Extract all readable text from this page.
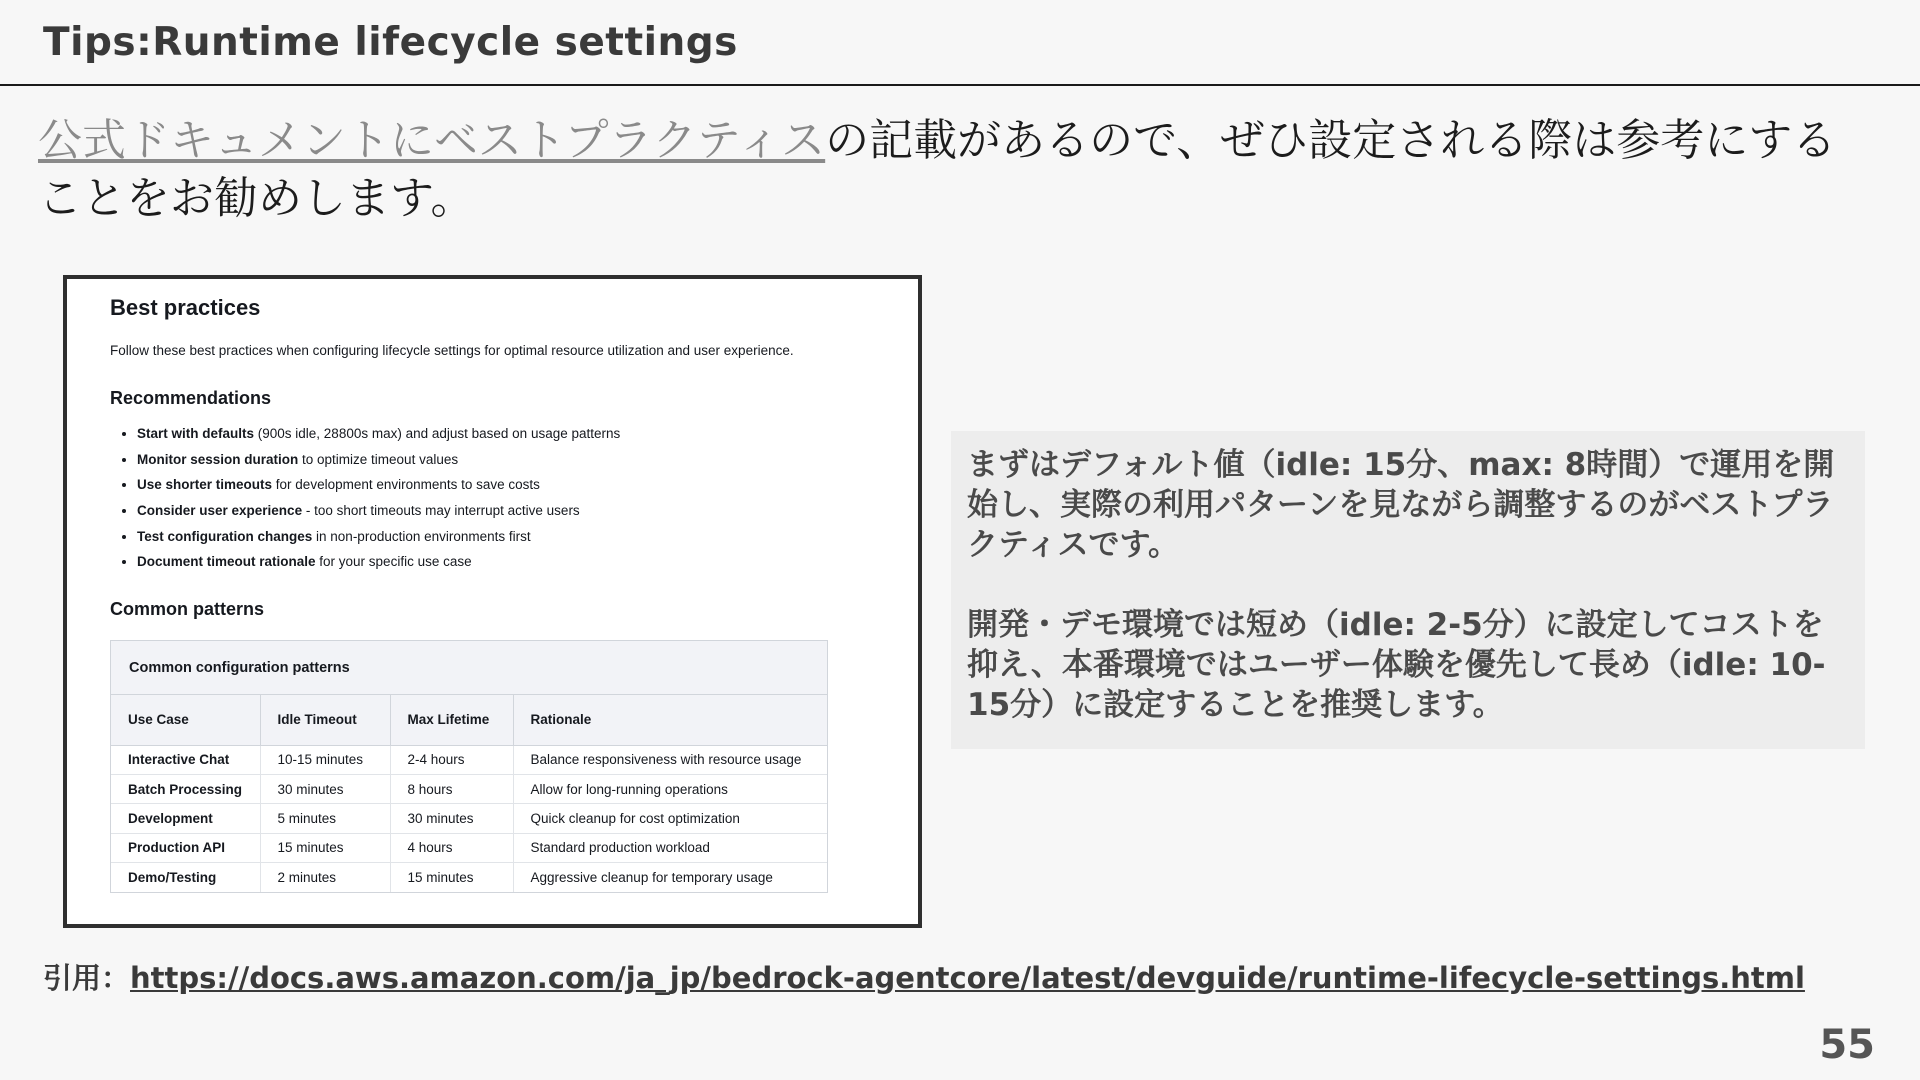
Tips:Runtime lifecycle settings
公式ドキュメントにベストプラクティスの記載があるので、ぜひ設定される際は参考にすることをお勧めします。
Best practices
Follow these best practices when configuring lifecycle settings for optimal resource utilization and user experience.
Recommendations
• Start with defaults (900s idle, 28800s max) and adjust based on usage patterns
• Monitor session duration to optimize timeout values
• Use shorter timeouts for development environments to save costs
• Consider user experience - too short timeouts may interrupt active users
• Test configuration changes in non-production environments first
• Document timeout rationale for your specific use case
Common patterns
Common configuration patterns
Use Case	Idle Timeout	Max Lifetime	Rationale
Interactive Chat	10-15 minutes	2-4 hours	Balance responsiveness with resource usage
Batch Processing	30 minutes	8 hours	Allow for long-running operations
Development	5 minutes	30 minutes	Quick cleanup for cost optimization
Production API	15 minutes	4 hours	Standard production workload
Demo/Testing	2 minutes	15 minutes	Aggressive cleanup for temporary usage

まずはデフォルト値（idle: 15分、max: 8時間）で運用を開始し、実際の利用パターンを見ながら調整するのがベストプラクティスです。

開発・デモ環境では短め（idle: 2-5分）に設定してコストを抑え、本番環境ではユーザー体験を優先して長め（idle: 10-15分）に設定することを推奨します。

引用：https://docs.aws.amazon.com/ja_jp/bedrock-agentcore/latest/devguide/runtime-lifecycle-settings.html
55
